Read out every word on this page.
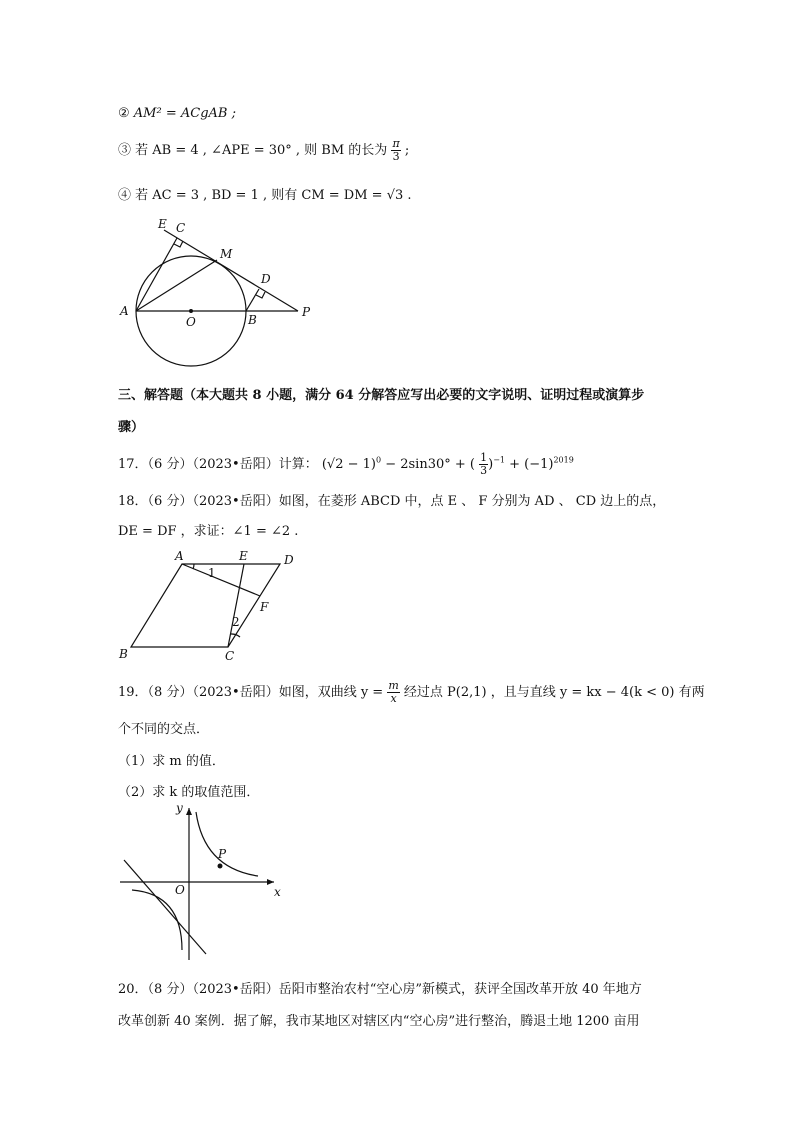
② AM² = ACgAB ;
③ 若 AB = 4 , ∠APE = 30° , 则 BM 的长为 $\frac{\pi}{3}$ ;
④ 若 AC = 3 , BD = 1 , 则有 CM = DM = √3 .
E C
M
D
A
O	B
P
三、解答题（本大题共 8 小题，满分 64 分解答应写出必要的文字说明、证明过程或演算步
骤）
17．（6 分）（2023•岳阳）计算： $(√2 - 1)^0 - 2\sin 30^\circ$ + ( $\frac{1}{3} )^{-1} + (-1)^{2019}$
18．（6 分）（2023•岳阳）如图，在菱形 ABCD 中，点 E 、 F 分别为 AD 、 CD 边上的点，
DE = DF ，求证：∠1 = ∠2 .
A	E	D
1
F
2
B	C
19．（8 分）（2023•岳阳）如图，双曲线 $y = \frac{m}{x}$ 经过点 P(2,1) ，且与直线 y = kx − 4(k < 0) 有两
个不同的交点．
（1）求 m 的值．
（2）求 k 的取值范围．
y
P
O	x
20．（8 分）（2023•岳阳）岳阳市整治农村“空心房”新模式，获评全国改革开放 40 年地方
改革创新 40 案例．据了解，我市某地区对辖区内“空心房”进行整治，腾退土地 1200 亩用
